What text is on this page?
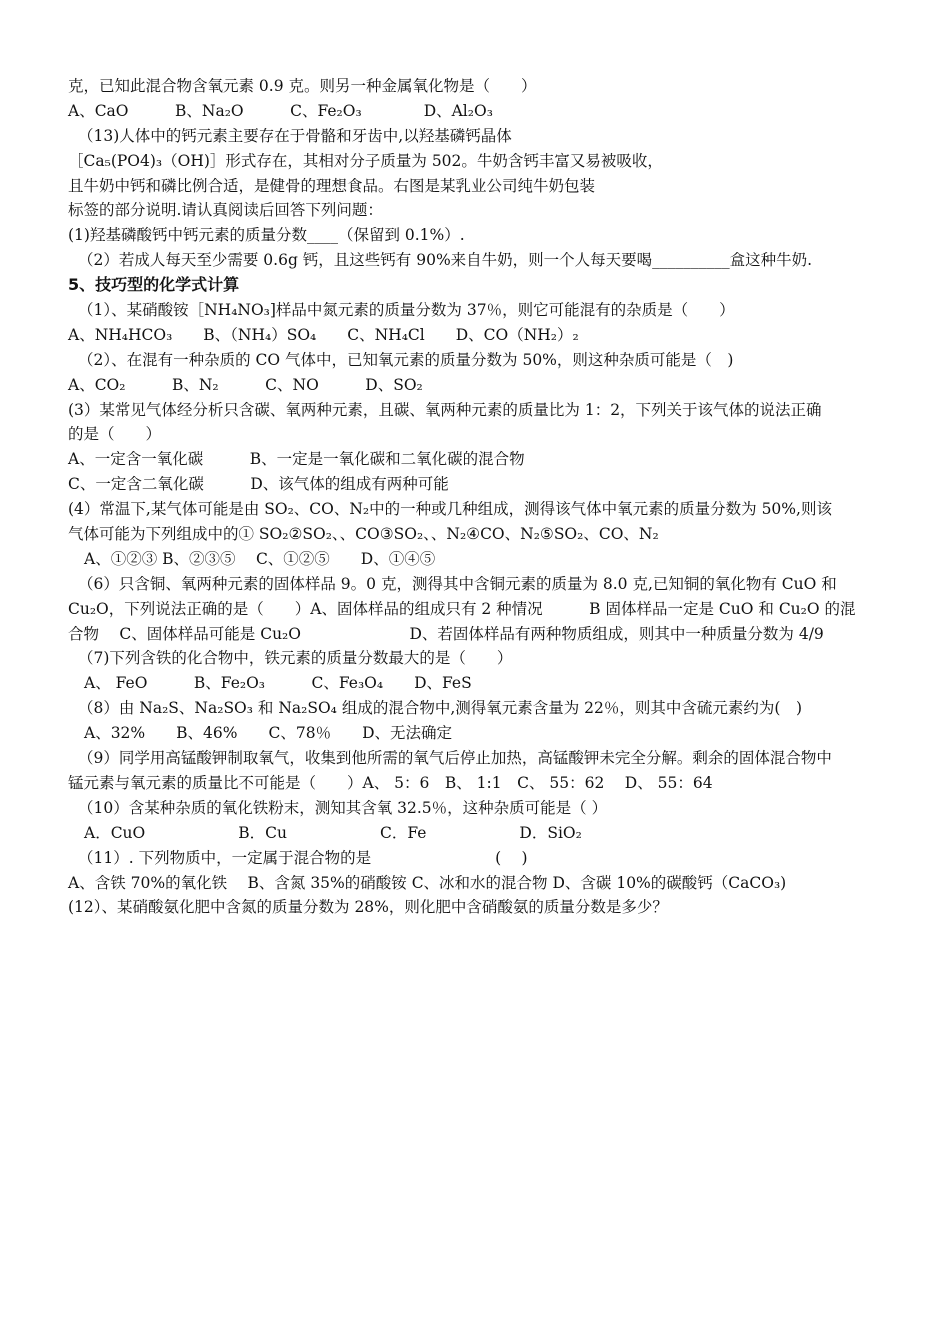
克，已知此混合物含氧元素 0.9 克。则另一种金属氧化物是（　　）
A、CaO　　　B、Na₂O　　　C、Fe₂O₃　　　　D、Al₂O₃
（13)人体中的钙元素主要存在于骨骼和牙齿中,以羟基磷钙晶体
［Ca₅(PO4)₃（OH)］形式存在，其相对分子质量为 502。牛奶含钙丰富又易被吸收，
且牛奶中钙和磷比例合适，是健骨的理想食品。右图是某乳业公司纯牛奶包装
标签的部分说明.请认真阅读后回答下列问题：
(1)羟基磷酸钙中钙元素的质量分数____（保留到 0.1%）.
（2）若成人每天至少需要 0.6g 钙，且这些钙有 90%来自牛奶，则一个人每天要喝__________盒这种牛奶.
5、技巧型的化学式计算
（1）、某硝酸铵［NH₄NO₃]样品中氮元素的质量分数为 37％，则它可能混有的杂质是（　　）
A、NH₄HCO₃　　B、（NH₄）SO₄　　C、NH₄Cl　　D、CO（NH₂）₂
（2）、在混有一种杂质的 CO 气体中，已知氧元素的质量分数为 50%，则这种杂质可能是（　)
A、CO₂　　　B、N₂　　　C、NO　　　D、SO₂
(3）某常见气体经分析只含碳、氧两种元素，且碳、氧两种元素的质量比为 1：2，下列关于该气体的说法正确
的是（　　）
A、一定含一氧化碳　　　B、一定是一氧化碳和二氧化碳的混合物
C、一定含二氧化碳　　　D、该气体的组成有两种可能
(4）常温下,某气体可能是由 SO₂、CO、N₂中的一种或几种组成，测得该气体中氧元素的质量分数为 50%,则该
气体可能为下列组成中的① SO₂②SO₂、、CO③SO₂、、N₂④CO、N₂⑤SO₂、CO、N₂
A、①②③ B、②③⑤　 C、①②⑤　　D、①④⑤
（6）只含铜、氧两种元素的固体样品 9。0 克，测得其中含铜元素的质量为 8.0 克,已知铜的氧化物有 CuO 和
Cu₂O，下列说法正确的是（　　）A、固体样品的组成只有 2 种情况　　　B 固体样品一定是 CuO 和 Cu₂O 的混
合物　 C、固体样品可能是 Cu₂O　　　　　　　D、若固体样品有两种物质组成，则其中一种质量分数为 4/9
（7)下列含铁的化合物中，铁元素的质量分数最大的是（　　）
A、 FeO　　　B、Fe₂O₃　　　C、Fe₃O₄　　D、FeS
（8）由 Na₂S、Na₂SO₃ 和 Na₂SO₄ 组成的混合物中,测得氧元素含量为 22％，则其中含硫元素约为(　)
A、32%　　B、46%　　C、78％　　D、无法确定
（9）同学用高锰酸钾制取氧气，收集到他所需的氧气后停止加热，高锰酸钾未完全分解。剩余的固体混合物中
锰元素与氧元素的质量比不可能是（　　）A、 5：6　B、 1:1　C、 55：62　 D、 55：64
（10）含某种杂质的氧化铁粉末，测知其含氧 32.5％，这种杂质可能是（ ）
A．CuO　　　　　　B．Cu　　　　　　C．Fe　　　　　　D．SiO₂
（11）. 下列物质中，一定属于混合物的是　　　　　　　　( 　)
A、含铁 70%的氧化铁　 B、含氮 35%的硝酸铵 C、冰和水的混合物 D、含碳 10%的碳酸钙（CaCO₃)
(12）、某硝酸氨化肥中含氮的质量分数为 28%，则化肥中含硝酸氨的质量分数是多少？
